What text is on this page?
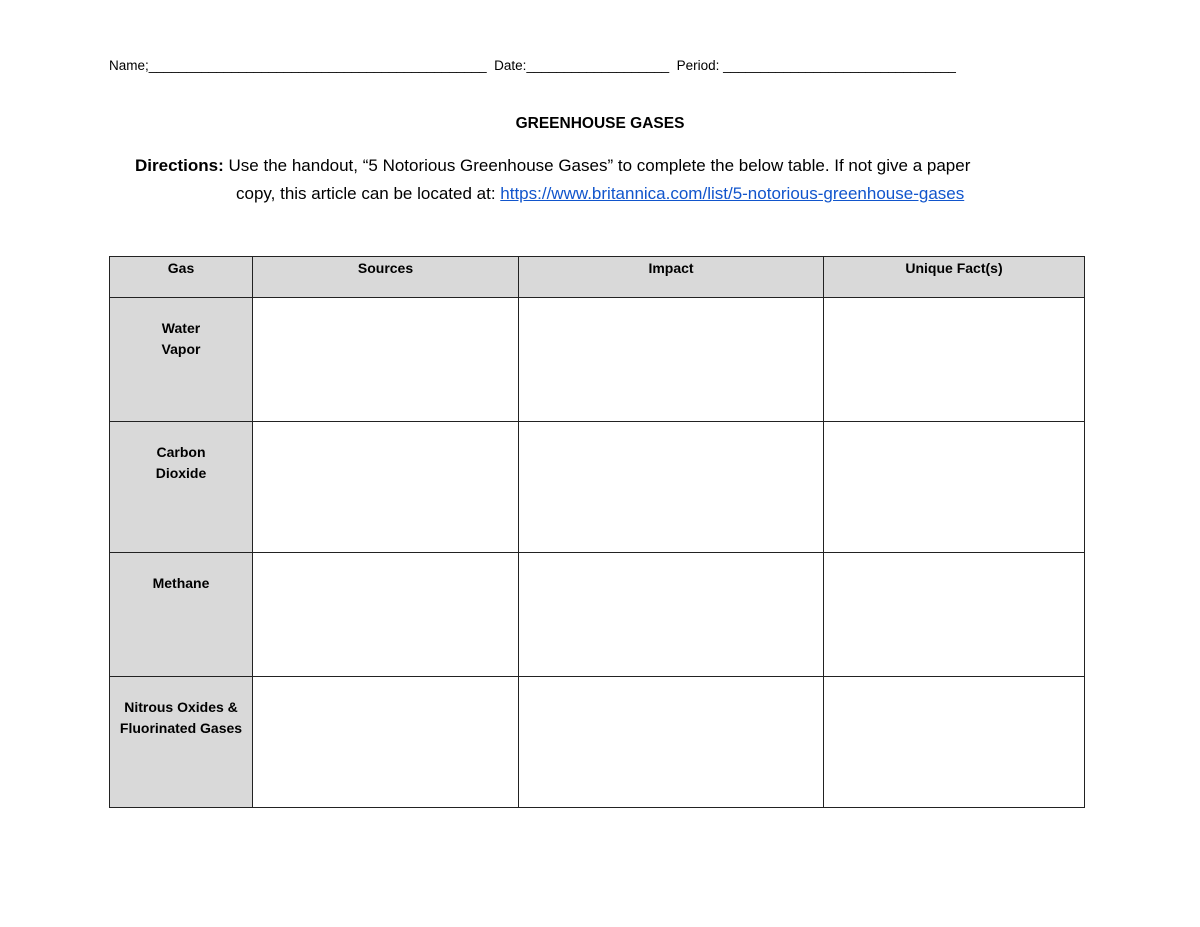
Name;_____________________________________________ Date:___________________ Period: _______________________________
GREENHOUSE GASES
Directions: Use the handout, “5 Notorious Greenhouse Gases” to complete the below table. If not give a paper
copy, this article can be located at: https://www.britannica.com/list/5-notorious-greenhouse-gases
Gas	Sources	Impact	Unique Fact(s)

Water
Vapor			

Carbon
Dioxide			

Methane			

Nitrous Oxides &
Fluorinated Gases			
